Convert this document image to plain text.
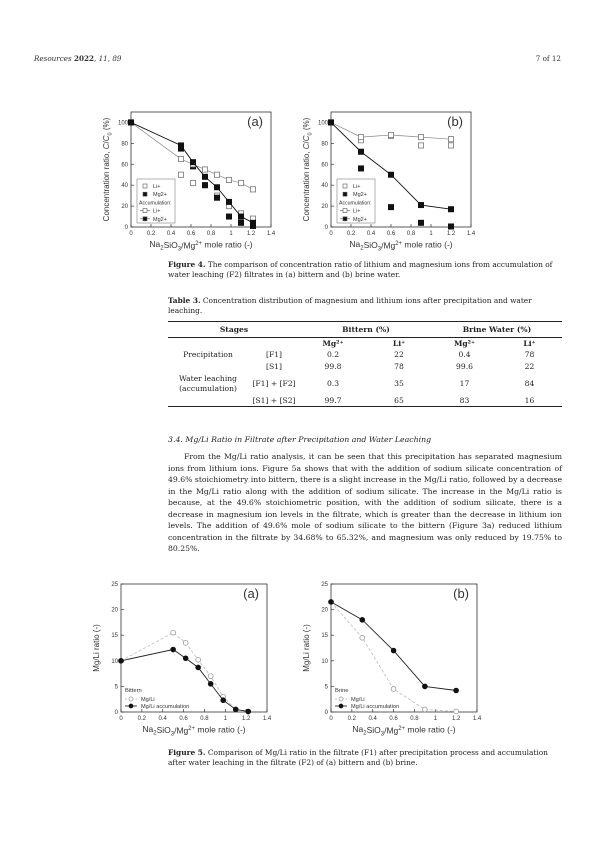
Resources 2022, 11, 89	7 of 12
0 0.2 0.4 0.6 0.8 1 1.2 1.4
0
20
40
60
80
100
$Na_2SiO_3/Mg^{2+}$ mole ratio (-)
Concentration ratio, $C/C_0$ (%)	(a)
Li+
Mg2+
Accumulation:
Li+
Mg2+
0 0.2 0.4 0.6 0.8 1 1.2 1.4
0
20
40
60
80
100
$Na_2SiO_3/Mg^{2+}$ mole ratio (-)
Concentration ratio, $C/C_0$ (%)	(b)
Li+
Mg2+
Accumulation:
Li+
Mg2+
Figure 4. The comparison of concentration ratio of lithium and magnesium ions from accumulation of water leaching (F2) filtrates in (a) bittern and (b) brine water.
Table 3. Concentration distribution of magnesium and lithium ions after precipitation and water leaching.
Stages		Bittern (%)		Brine Water (%)	
		Mg²⁺	Li⁺	Mg²⁺	Li⁺
Precipitation	[F1]	0.2	22	0.4	78
	[S1]	99.8	78	99.6	22
Water leaching (accumulation)	[F1] + [F2]	0.3	35	17	84
	[S1] + [S2]	99.7	65	83	16
3.4. Mg/Li Ratio in Filtrate after Precipitation and Water Leaching
From the Mg/Li ratio analysis, it can be seen that this precipitation has separated magnesium ions from lithium ions. Figure 5a shows that with the addition of sodium silicate concentration of 49.6% stoichiometry into bittern, there is a slight increase in the Mg/Li ratio, followed by a decrease in the Mg/Li ratio along with the addition of sodium silicate. The increase in the Mg/Li ratio is because, at the 49.6% stoichiometric position, with the addition of sodium silicate, there is a decrease in magnesium ion levels in the filtrate, which is greater than the decrease in lithium ion levels. The addition of 49.6% mole of sodium silicate to the bittern (Figure 3a) reduced lithium concentration in the filtrate by 34.68% to 65.32%, and magnesium was only reduced by 19.75% to 80.25%.
0	0.2 0.4 0.6 0.8	1	1.2 1.4
0
5
10
15
20
25
$Na_2SiO_3/Mg^{2+}$ mole ratio (-)
Mg/Li ratio (-)
(a)
Bittern
Mg/Li
Mg/Li accumulation
0	0.2 0.4 0.6 0.8	1	1.2 1.4
0
5
10
15
20
25
$Na_2SiO_3/Mg^{2+}$ mole ratio (-)
Mg/Li ratio (-)
(b)
Brine
Mg/Li
Mg/Li accumulation
Figure 5. Comparison of Mg/Li ratio in the filtrate (F1) after precipitation process and accumulation after water leaching in the filtrate (F2) of (a) bittern and (b) brine.
